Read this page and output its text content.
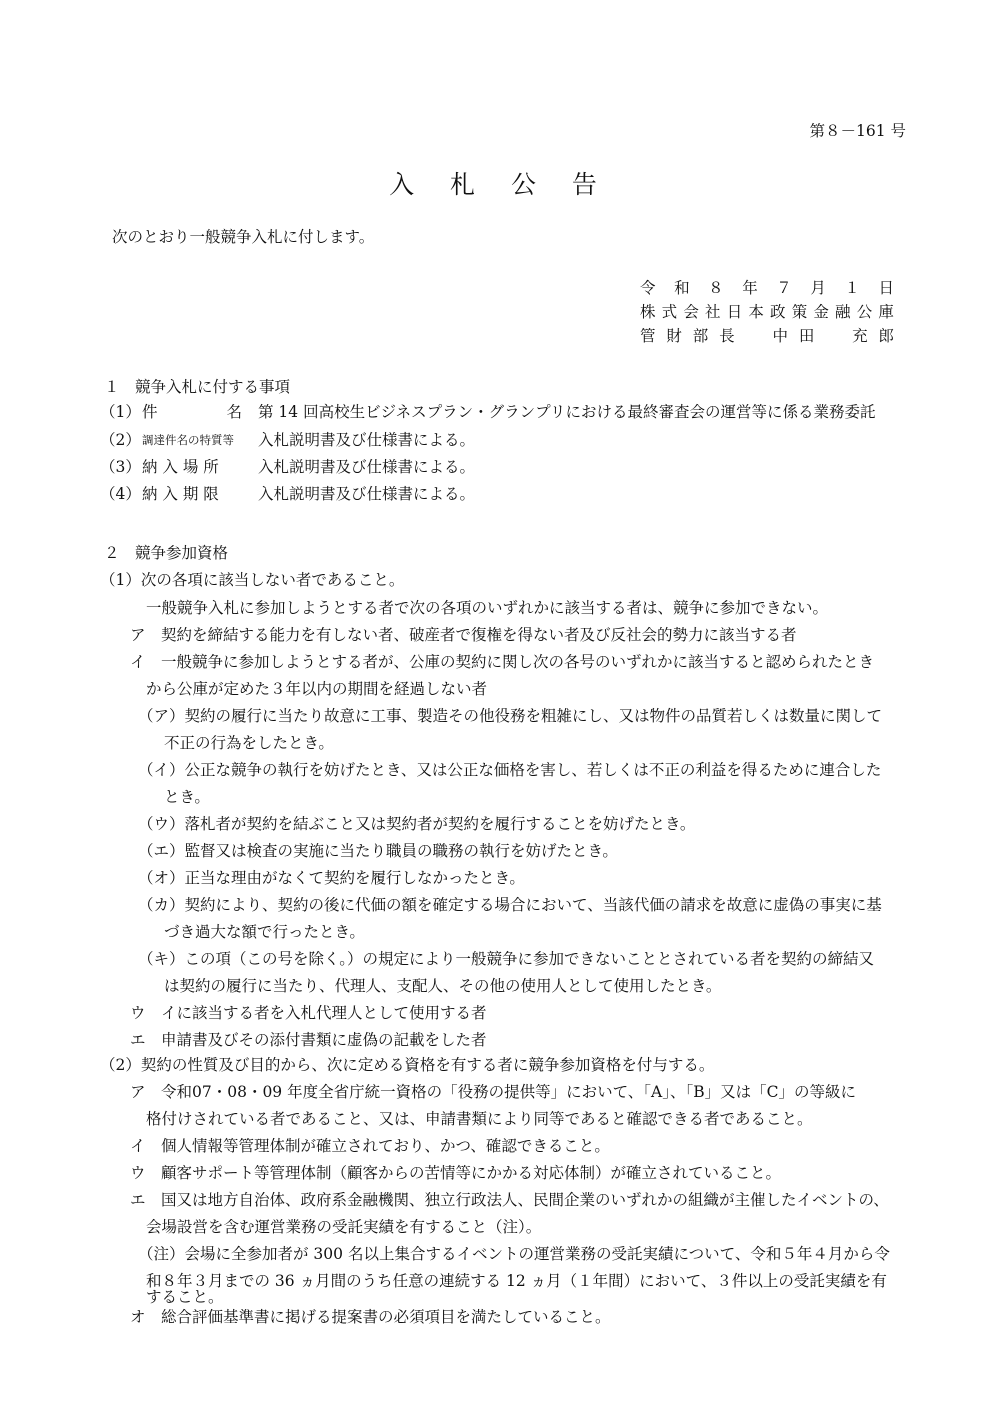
第８－161 号
入 札 公 告
次のとおり一般競争入札に付します。
令 和 ８ 年 ７ 月 １ 日
株 式 会 社 日 本 政 策 金 融 公 庫
管 財 部 長 中 田 充 郎
１　競争入札に付する事項
（1） 件	名 第 14 回高校生ビジネスプラン・グランプリにおける最終審査会の運営等に係る業務委託
（2） 調達件名の特質等 入札説明書及び仕様書による。
（3） 納 入 場 所	入札説明書及び仕様書による。
（4） 納 入 期 限	入札説明書及び仕様書による。
２　競争参加資格
（1）次の各項に該当しない者であること。
一般競争入札に参加しようとする者で次の各項のいずれかに該当する者は、競争に参加できない。
ア　契約を締結する能力を有しない者、破産者で復権を得ない者及び反社会的勢力に該当する者
イ　一般競争に参加しようとする者が、公庫の契約に関し次の各号のいずれかに該当すると認められたとき
から公庫が定めた３年以内の期間を経過しない者
（ア）契約の履行に当たり故意に工事、製造その他役務を粗雑にし、又は物件の品質若しくは数量に関して
不正の行為をしたとき。
（イ）公正な競争の執行を妨げたとき、又は公正な価格を害し、若しくは不正の利益を得るために連合した
とき。
（ウ）落札者が契約を結ぶこと又は契約者が契約を履行することを妨げたとき。
（エ）監督又は検査の実施に当たり職員の職務の執行を妨げたとき。
（オ）正当な理由がなくて契約を履行しなかったとき。
（カ）契約により、契約の後に代価の額を確定する場合において、当該代価の請求を故意に虚偽の事実に基
づき過大な額で行ったとき。
（キ）この項（この号を除く。）の規定により一般競争に参加できないこととされている者を契約の締結又
は契約の履行に当たり、代理人、支配人、その他の使用人として使用したとき。
ウ　イに該当する者を入札代理人として使用する者
エ　申請書及びその添付書類に虚偽の記載をした者
（2）契約の性質及び目的から、次に定める資格を有する者に競争参加資格を付与する。
ア　令和07・08・09 年度全省庁統一資格の「役務の提供等」において、「A」、「B」又は「C」の等級に
格付けされている者であること、又は、申請書類により同等であると確認できる者であること。
イ　個人情報等管理体制が確立されており、かつ、確認できること。
ウ　顧客サポート等管理体制（顧客からの苦情等にかかる対応体制）が確立されていること。
エ　国又は地方自治体、政府系金融機関、独立行政法人、民間企業のいずれかの組織が主催したイベントの、
会場設営を含む運営業務の受託実績を有すること（注）。
（注）会場に全参加者が 300 名以上集合するイベントの運営業務の受託実績について、令和５年４月から令
和８年３月までの 36 ヵ月間のうち任意の連続する 12 ヵ月（１年間）において、３件以上の受託実績を有
すること。
オ　総合評価基準書に掲げる提案書の必須項目を満たしていること。
